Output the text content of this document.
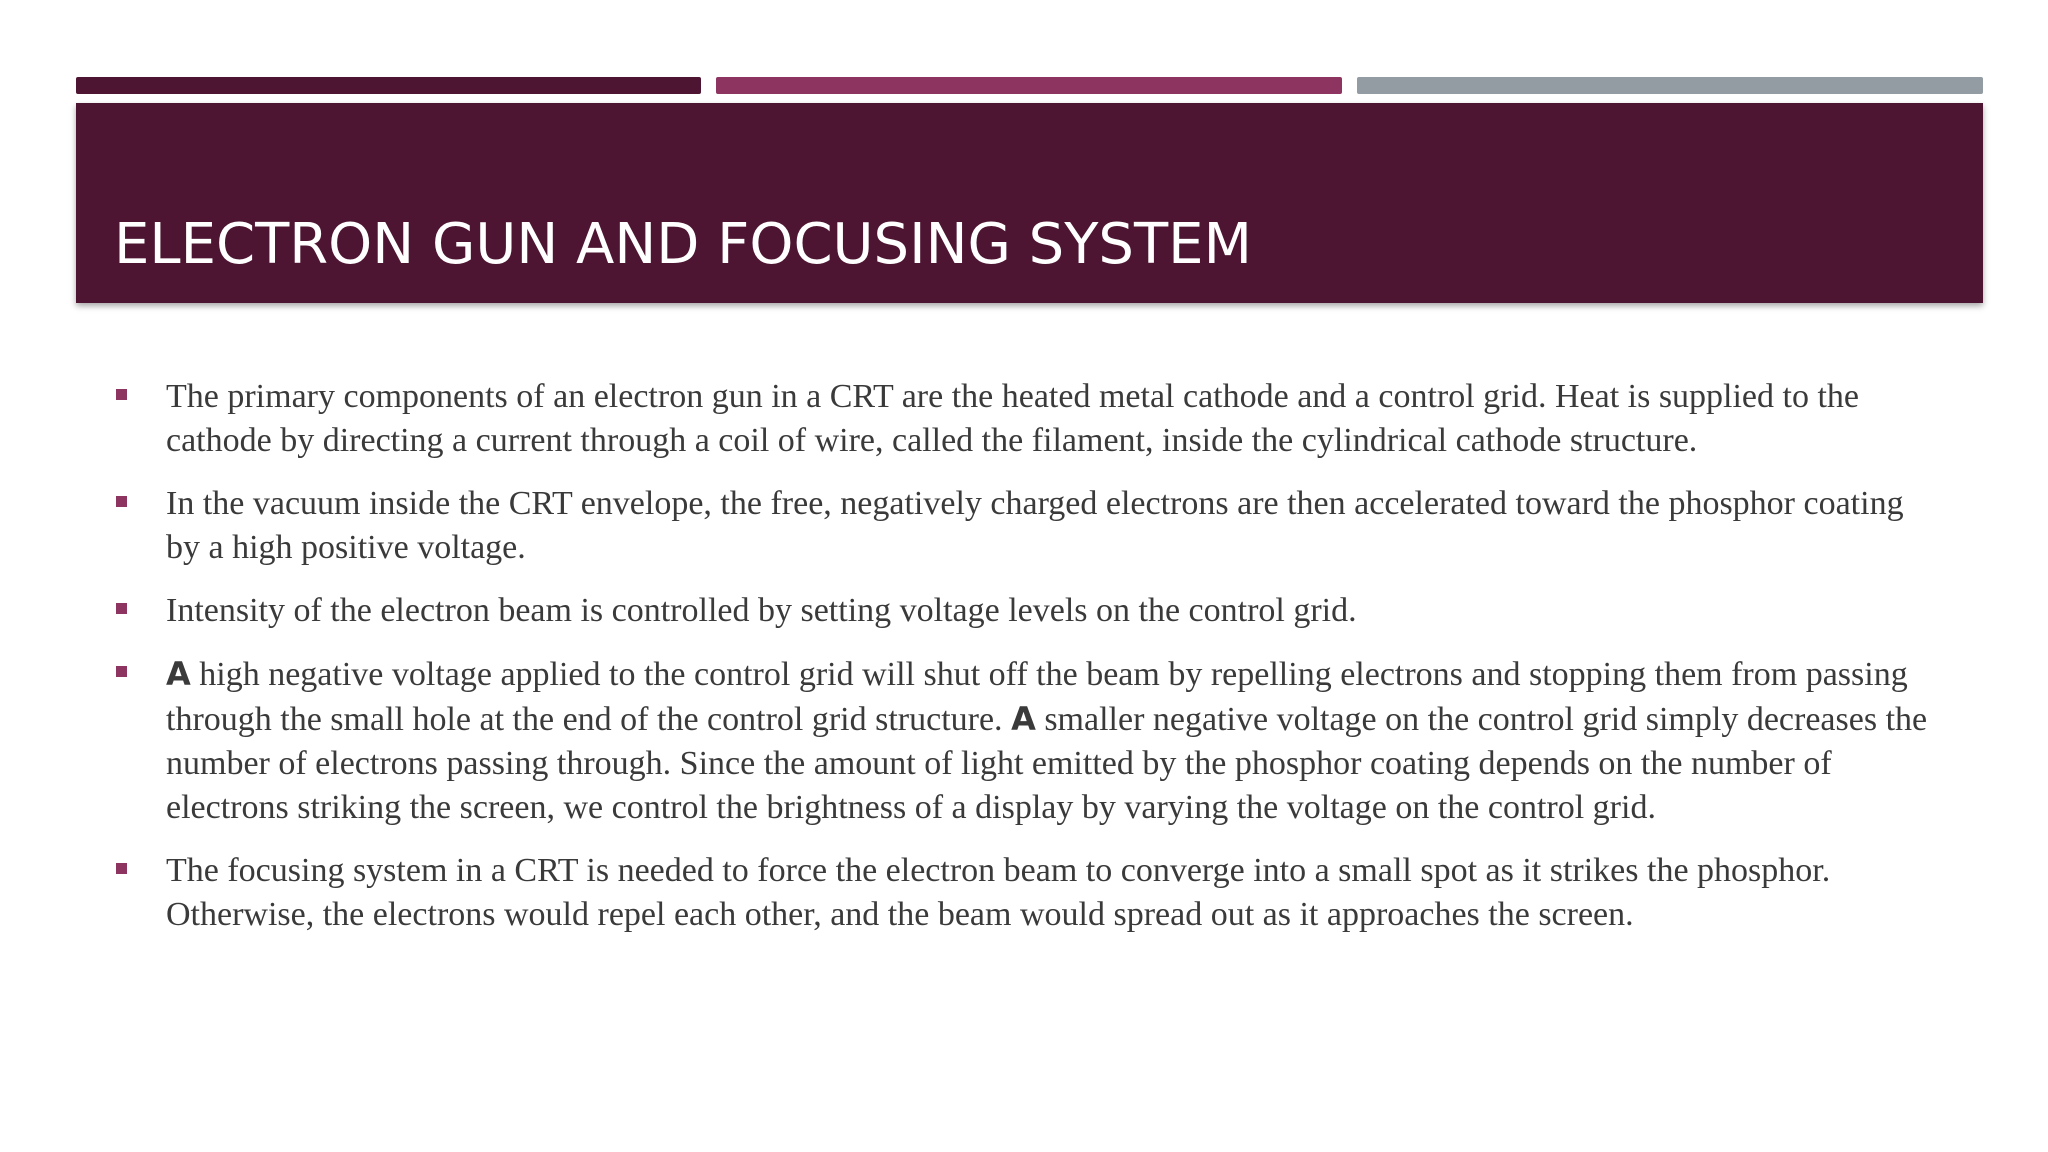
ELECTRON GUN AND FOCUSING SYSTEM
The primary components of an electron gun in a CRT are the heated metal cathode and a control grid. Heat is supplied to the cathode by directing a current through a coil of wire, called the filament, inside the cylindrical cathode structure.
In the vacuum inside the CRT envelope, the free, negatively charged electrons are then accelerated toward the phosphor coating by a high positive voltage.
Intensity of the electron beam is controlled by setting voltage levels on the control grid.
A high negative voltage applied to the control grid will shut off the beam by repelling electrons and stopping them from passing through the small hole at the end of the control grid structure. A smaller negative voltage on the control grid simply decreases the number of electrons passing through. Since the amount of light emitted by the phosphor coating depends on the number of electrons striking the screen, we control the brightness of a display by varying the voltage on the control grid.
The focusing system in a CRT is needed to force the electron beam to converge into a small spot as it strikes the phosphor. Otherwise, the electrons would repel each other, and the beam would spread out as it approaches the screen.
